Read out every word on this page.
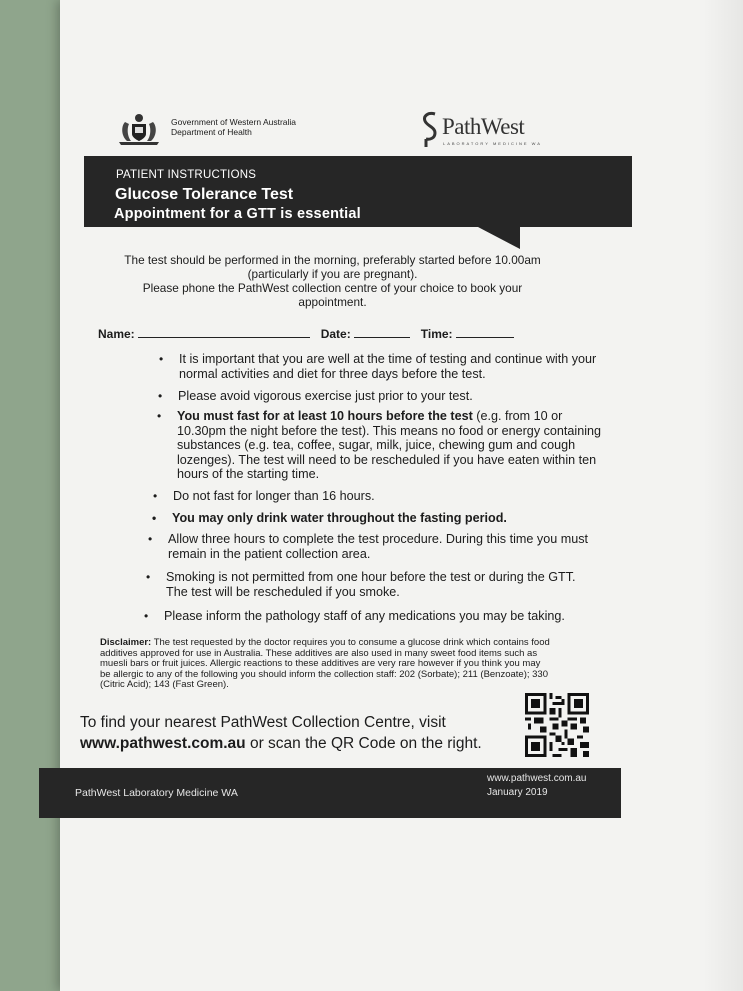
Government of Western Australia
Department of Health	PathWest
LABORATORY MEDICINE WA
PATIENT INSTRUCTIONS
Glucose Tolerance Test
Appointment for a GTT is essential
The test should be performed in the morning, preferably started before 10.00am
(particularly if you are pregnant).
Please phone the PathWest collection centre of your choice to book your
appointment.
Name:	Date:	Time:
• It is important that you are well at the time of testing and continue with your
normal activities and diet for three days before the test.
• Please avoid vigorous exercise just prior to your test.
• You must fast for at least 10 hours before the test (e.g. from 10 or
10.30pm the night before the test). This means no food or energy containing
substances (e.g. tea, coffee, sugar, milk, juice, chewing gum and cough
lozenges). The test will need to be rescheduled if you have eaten within ten
hours of the starting time.
• Do not fast for longer than 16 hours.
• You may only drink water throughout the fasting period.
• Allow three hours to complete the test procedure. During this time you must
remain in the patient collection area.
• Smoking is not permitted from one hour before the test or during the GTT.
The test will be rescheduled if you smoke.
• Please inform the pathology staff of any medications you may be taking.
Disclaimer: The test requested by the doctor requires you to consume a glucose drink which contains food
additives approved for use in Australia. These additives are also used in many sweet food items such as
muesli bars or fruit juices. Allergic reactions to these additives are very rare however if you think you may
be allergic to any of the following you should inform the collection staff: 202 (Sorbate); 211 (Benzoate); 330
(Citric Acid); 143 (Fast Green).
To find your nearest PathWest Collection Centre, visit
www.pathwest.com.au or scan the QR Code on the right.
PathWest Laboratory Medicine WA
www.pathwest.com.au
January 2019
